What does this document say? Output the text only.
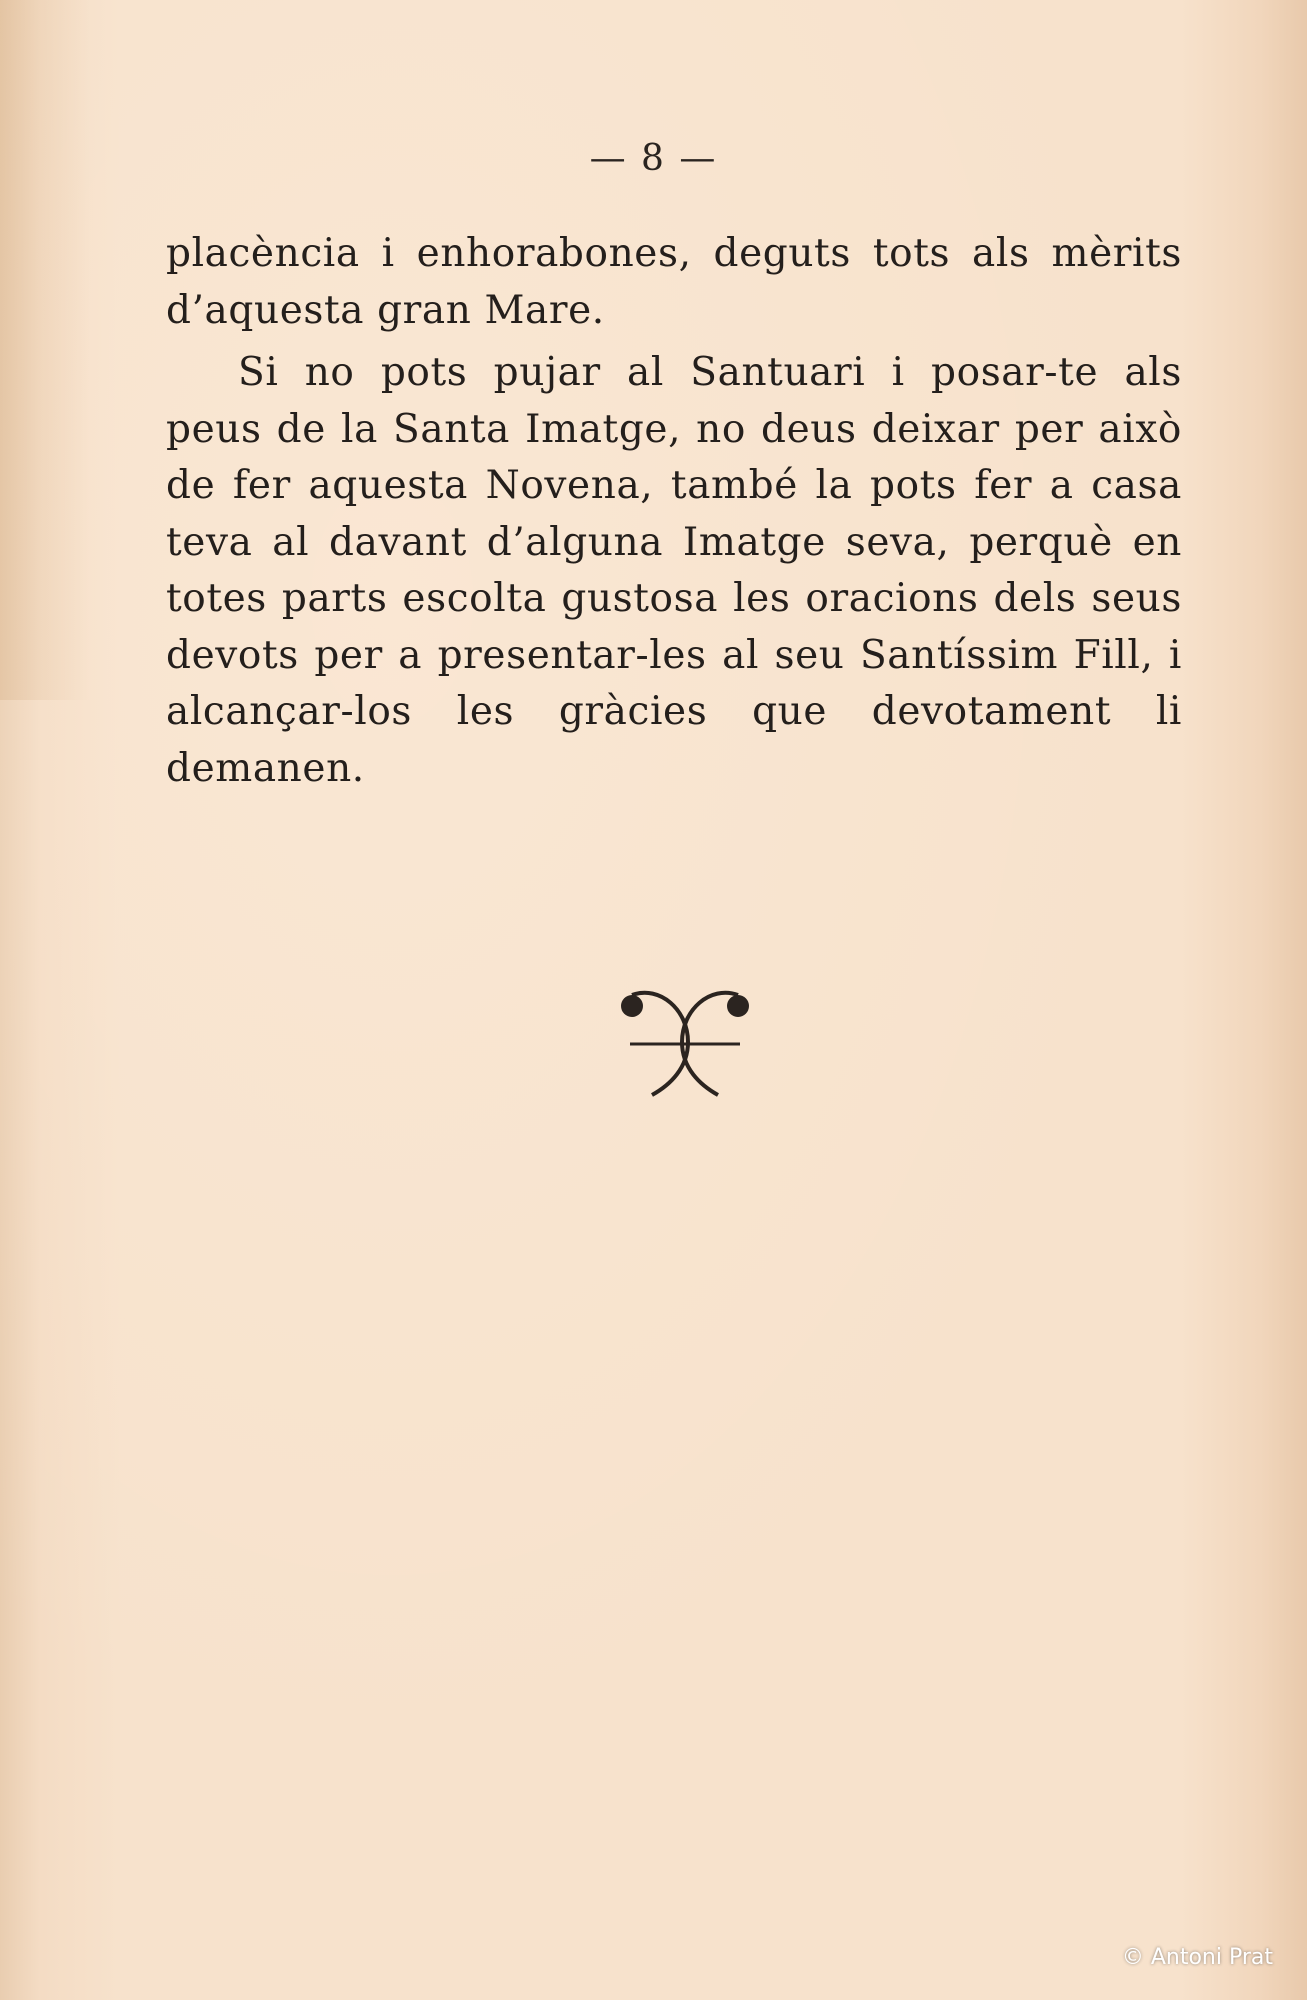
— 8 —

placència i enhorabones, deguts tots als mèrits d’aquesta gran Mare.

Si no pots pujar al Santuari i posar-te als peus de la Santa Imatge, no deus deixar per això de fer aquesta Novena, també la pots fer a casa teva al davant d’alguna Imatge seva, perquè en totes parts escolta gustosa les oracions dels seus devots per a presentar-les al seu Santíssim Fill, i alcançar-los les gràcies que devotament li demanen.

© Antoni Prat
